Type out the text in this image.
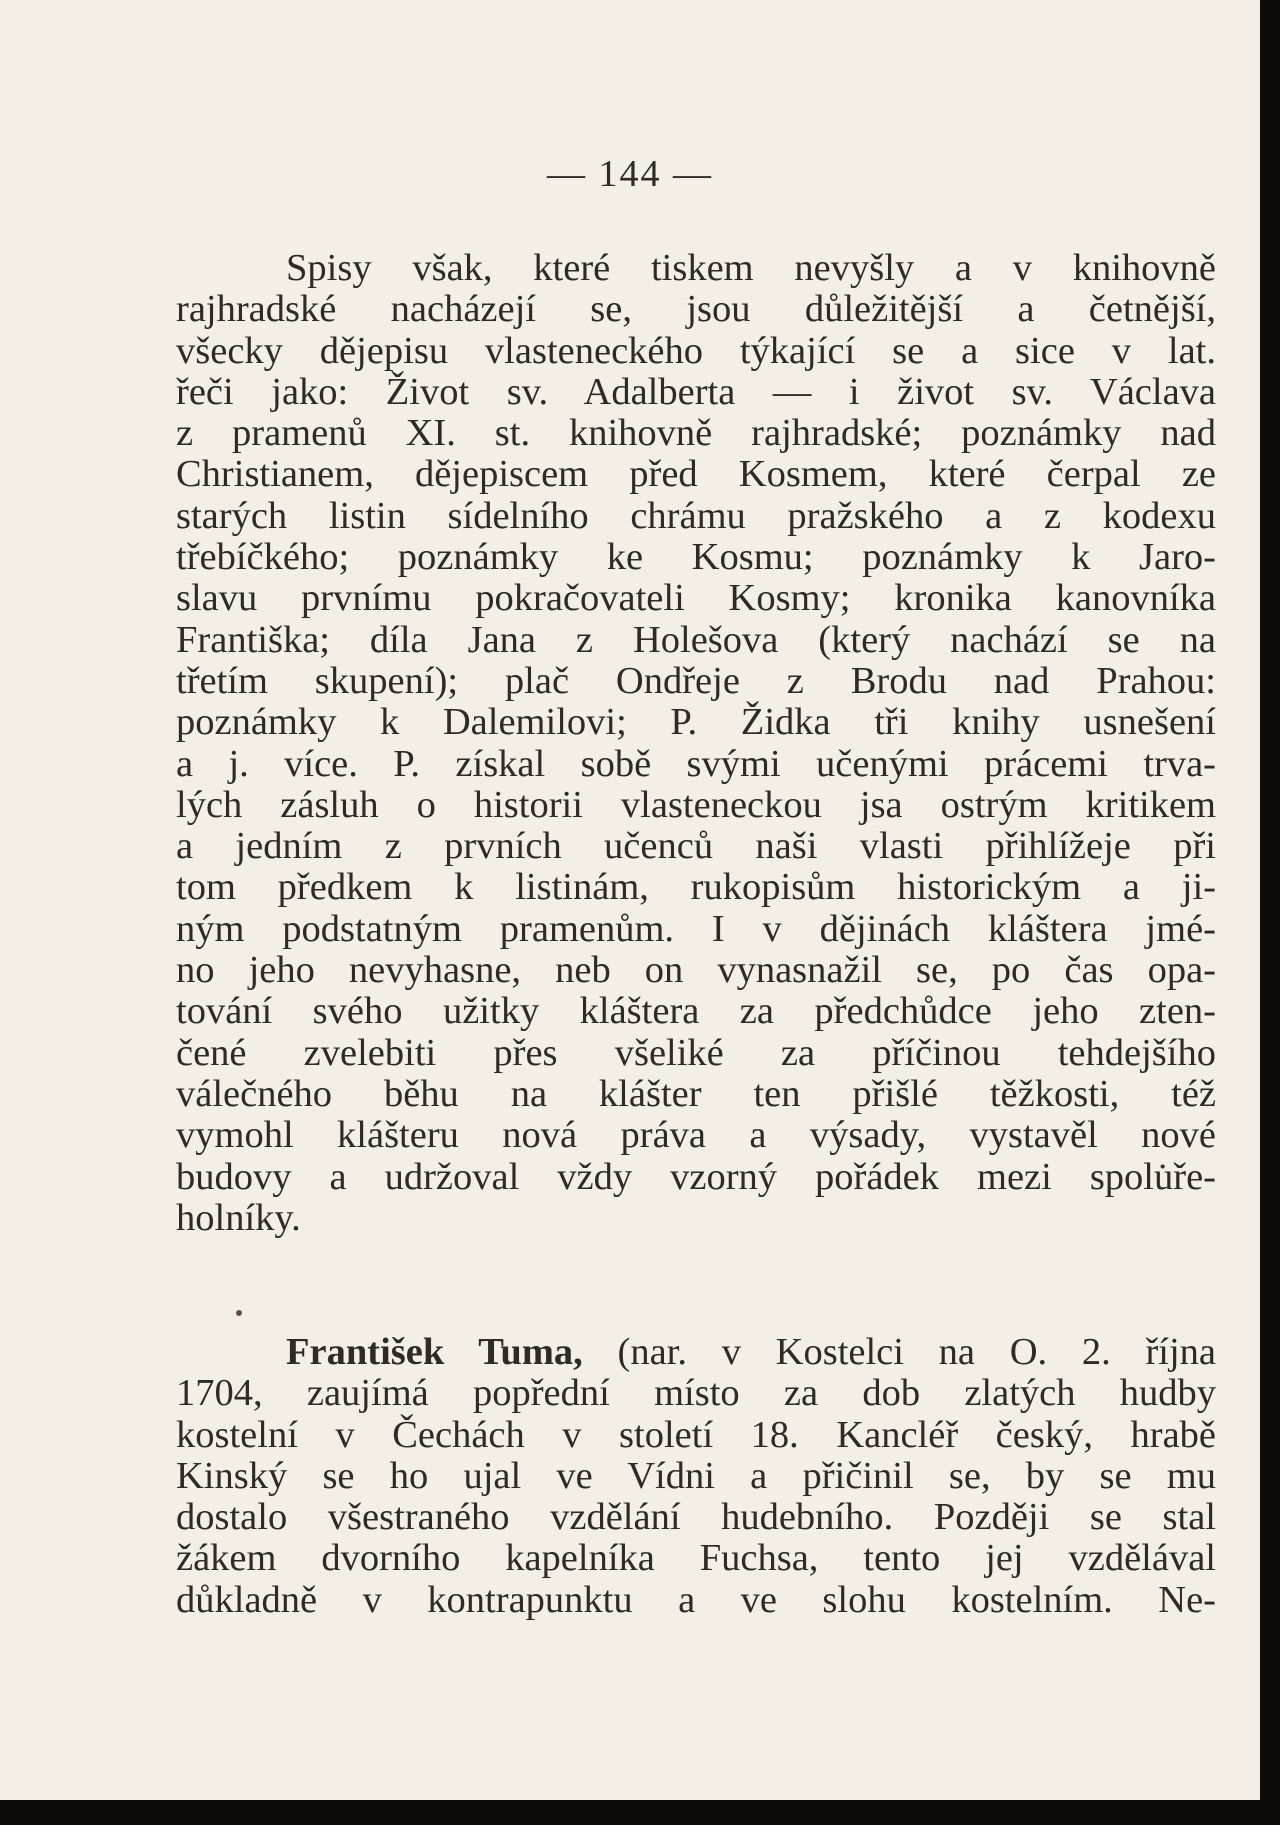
— 144 —
Spisy však, které tiskem nevyšly a v knihovně
rajhradské nacházejí se, jsou důležitější a četnější,
všecky dějepisu vlasteneckého týkající se a sice v lat.
řeči jako: Život sv. Adalberta — i život sv. Václava
z pramenů XI. st. knihovně rajhradské; poznámky nad
Christianem, dějepiscem před Kosmem, které čerpal ze
starých listin sídelního chrámu pražského a z kodexu
třebíčkého; poznámky ke Kosmu; poznámky k Jaro-
slavu prvnímu pokračovateli Kosmy; kronika kanovníka
Františka; díla Jana z Holešova (který nachází se na
třetím skupení); plač Ondřeje z Brodu nad Prahou:
poznámky k Dalemilovi; P. Židka tři knihy usnešení
a j. více. P. získal sobě svými učenými prácemi trva-
lých zásluh o historii vlasteneckou jsa ostrým kritikem
a jedním z prvních učenců naši vlasti přihlížeje při
tom předkem k listinám, rukopisům historickým a ji-
ným podstatným pramenům. I v dějinách kláštera jmé-
no jeho nevyhasne, neb on vynasnažil se, po čas opa-
tování svého užitky kláštera za předchůdce jeho zten-
čené zvelebiti přes všeliké za příčinou tehdejšího
válečného běhu na klášter ten přišlé těžkosti, též
vymohl klášteru nová práva a výsady, vystavěl nové
budovy a udržoval vždy vzorný pořádek mezi spolu̇ře-
holníky.
František Tuma, (nar. v Kostelci na O. 2. října
1704, zaujímá popřední místo za dob zlatých hudby
kostelní v Čechách v století 18. Kancléř český, hrabě
Kinský se ho ujal ve Vídni a přičinil se, by se mu
dostalo všestraného vzdělání hudebního. Později se stal
žákem dvorního kapelníka Fuchsa, tento jej vzdělával
důkladně v kontrapunktu a ve slohu kostelním. Ne-
